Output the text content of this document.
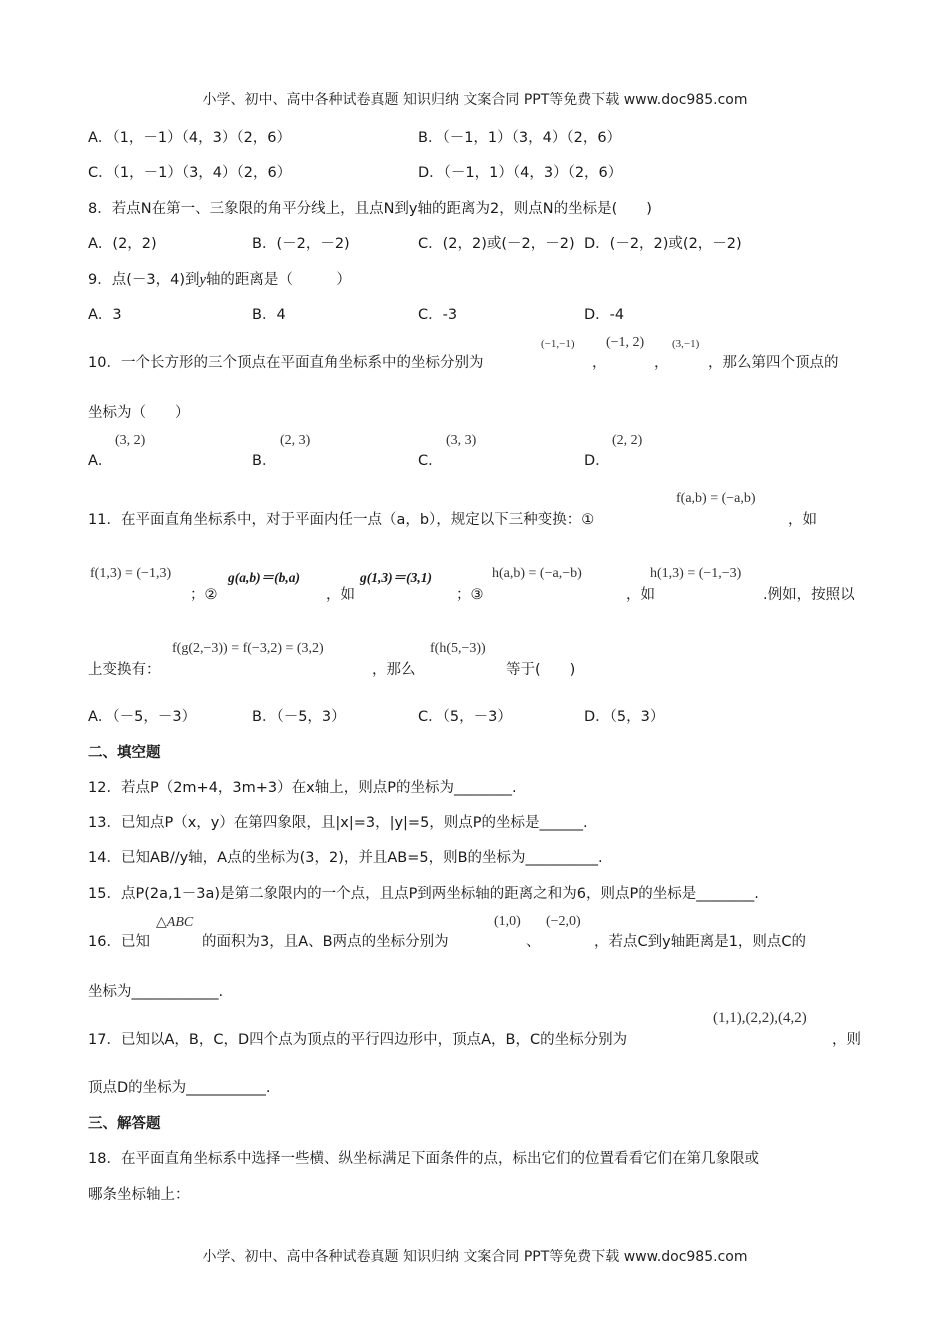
小学、初中、高中各种试卷真题 知识归纳 文案合同 PPT等免费下载 www.doc985.com
A．（1，－1）（4，3）（2，6）	B．（－1，1）（3，4）（2，6）
C．（1，－1）（3，4）（2，6）	D．（－1，1）（4，3）（2，6）
8．若点N在第一、三象限的角平分线上，且点N到y轴的距离为2，则点N的坐标是(　　)
A．(2，2)	B．(－2，－2)	C．(2，2)或(－2，－2) D．(－2，2)或(2，－2)
9．点(－3，4)到y轴的距离是（　　　）
A．3	B．4	C．-3	D．-4
10．一个长方形的三个顶点在平面直角坐标系中的坐标分别为
(−1,−1)
，
(−1, 2)
，
(3,−1)
，那么第四个顶点的
坐标为（　　）
A．
(3, 2)
B．
(2, 3)
C．
(3, 3)
D．
(2, 2)
11．在平面直角坐标系中，对于平面内任一点（a，b），规定以下三种变换：①
f(a,b) = (−a,b)
，如
f(1,3) = (−1,3)
；②
g(a,b)＝(b,a)
，如
g(1,3)＝(3,1)
；③
h(a,b) = (−a,−b)
，如
h(1,3) = (−1,−3)
.例如，按照以
上变换有：
f(g(2,−3)) = f(−3,2) = (3,2)
，那么
f(h(5,−3))
等于(　　)
A．（－5，－3）	B．（－5，3）	C．（5，－3）	D．（5，3）
二、填空题
12．若点P（2m+4，3m+3）在x轴上，则点P的坐标为________.
13．已知点P（x，y）在第四象限，且|x|=3，|y|=5，则点P的坐标是______.
14．已知AB//y轴，A点的坐标为(3，2)，并且AB=5，则B的坐标为__________.
15．点P(2a,1－3a)是第二象限内的一个点，且点P到两坐标轴的距离之和为6，则点P的坐标是________.
16．已知
△ABC
的面积为3，且A、B两点的坐标分别为
(1,0)
、
(−2,0)
，若点C到y轴距离是1，则点C的
坐标为____________.
17．已知以A，B，C，D四个点为顶点的平行四边形中，顶点A，B，C的坐标分别为
(1,1),(2,2),(4,2)
，则
顶点D的坐标为___________.
三、解答题
18．在平面直角坐标系中选择一些横、纵坐标满足下面条件的点，标出它们的位置看看它们在第几象限或
哪条坐标轴上：
小学、初中、高中各种试卷真题 知识归纳 文案合同 PPT等免费下载 www.doc985.com
